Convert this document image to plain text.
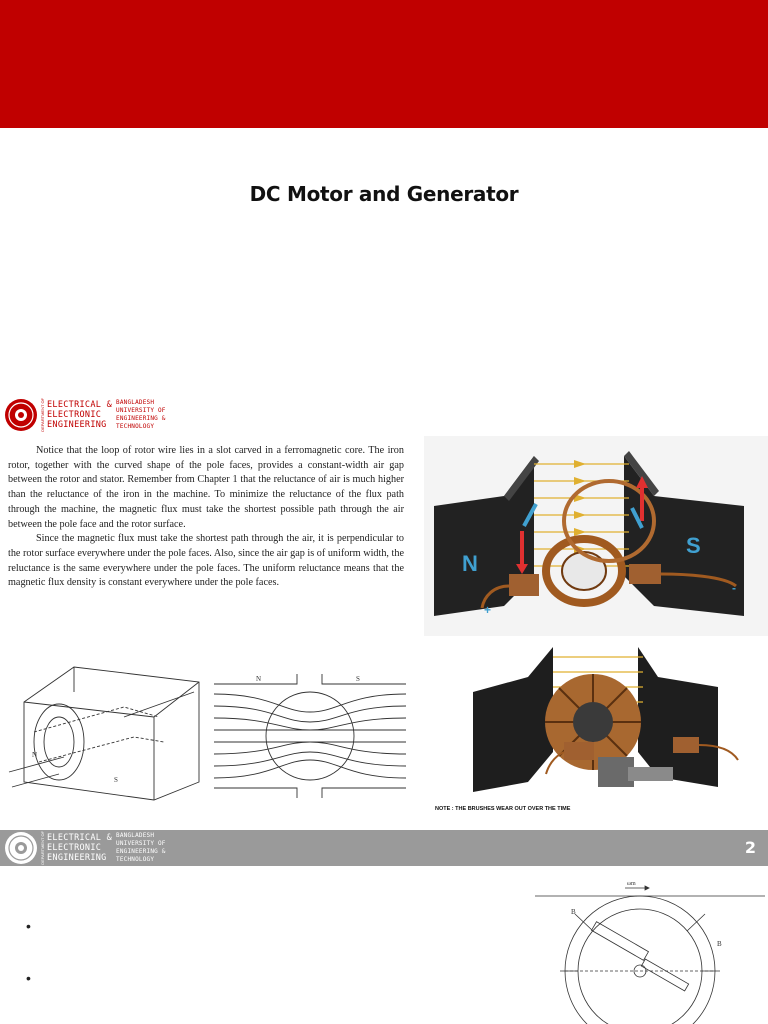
DC Motor and Generator
DEPARTMENT OF ELECTRICAL &
ELECTRONIC
ENGINEERING
BANGLADESH
UNIVERSITY OF
ENGINEERING &
TECHNOLOGY

Notice that the loop of rotor wire lies in a slot carved in a ferromagnetic core. The iron rotor, together with the curved shape of the pole faces, provides a constant-width air gap between the rotor and stator. Remember from Chapter 1 that the reluctance of air is much higher than the reluctance of the iron in the machine. To minimize the reluctance of the flux path through the machine, the magnetic flux must take the shortest possible path through the air between the pole face and the rotor surface.

Since the magnetic flux must take the shortest path through the air, it is perpendicular to the rotor surface everywhere under the pole faces. Also, since the air gap is of uniform width, the reluctance is the same everywhere under the pole faces. The uniform reluctance means that the magnetic flux density is constant everywhere under the pole faces.

N
S
+
-
N
S
N	S
NOTE : THE BRUSHES WEAR OUT OVER THE TIME
DEPARTMENT OF ELECTRICAL &
ELECTRONIC
ENGINEERING
BANGLADESH
UNIVERSITY OF
ENGINEERING &
TECHNOLOGY
2
•
•
B
B
ωm
